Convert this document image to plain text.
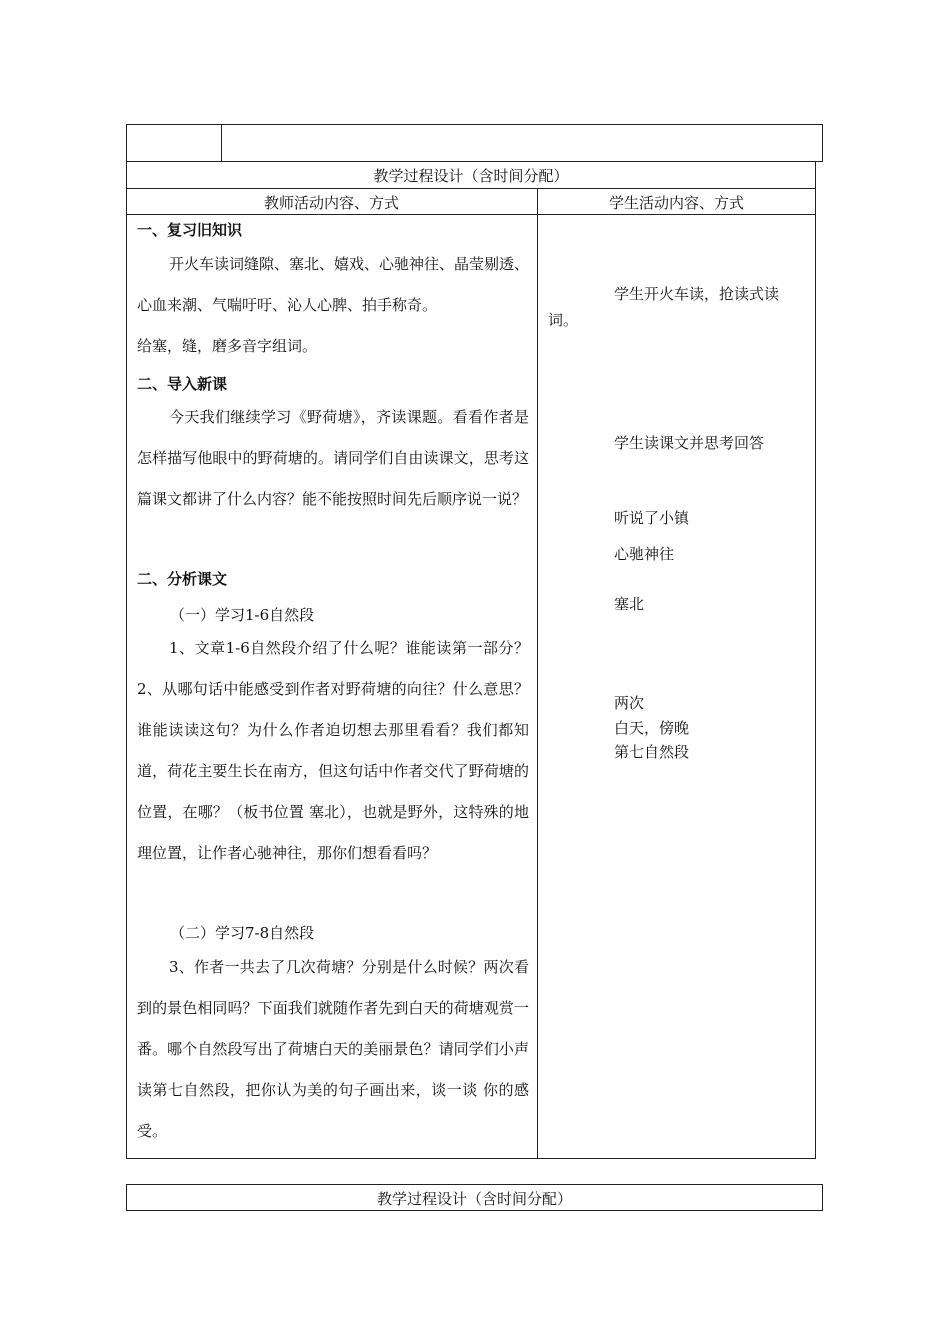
教学过程设计（含时间分配）
教师活动内容、方式	学生活动内容、方式
一、复习旧知识
开火车读词缝隙、塞北、嬉戏、心驰神往、晶莹剔透、心血来潮、气喘吁吁、沁人心脾、拍手称奇。
给塞，缝，磨多音字组词。
二、导入新课
今天我们继续学习《野荷塘》，齐读课题。看看作者是怎样描写他眼中的野荷塘的。请同学们自由读课文，思考这篇课文都讲了什么内容？能不能按照时间先后顺序说一说？
二、分析课文
（一）学习1-6自然段
1、文章1-6自然段介绍了什么呢？谁能读第一部分？ 2、从哪句话中能感受到作者对野荷塘的向往？什么意思？谁能读读这句？为什么作者迫切想去那里看看？我们都知道，荷花主要生长在南方，但这句话中作者交代了野荷塘的位置，在哪？（板书位置 塞北），也就是野外，这特殊的地理位置，让作者心驰神往，那你们想看看吗？
（二）学习7-8自然段
3、作者一共去了几次荷塘？分别是什么时候？两次看到的景色相同吗？下面我们就随作者先到白天的荷塘观赏一番。哪个自然段写出了荷塘白天的美丽景色？请同学们小声读第七自然段，把你认为美的句子画出来，谈一谈 你的感受。
学生开火车读，抢读式读
词。
学生读课文并思考回答
听说了小镇
心驰神往
塞北
两次
白天，傍晚
第七自然段
教学过程设计（含时间分配）
